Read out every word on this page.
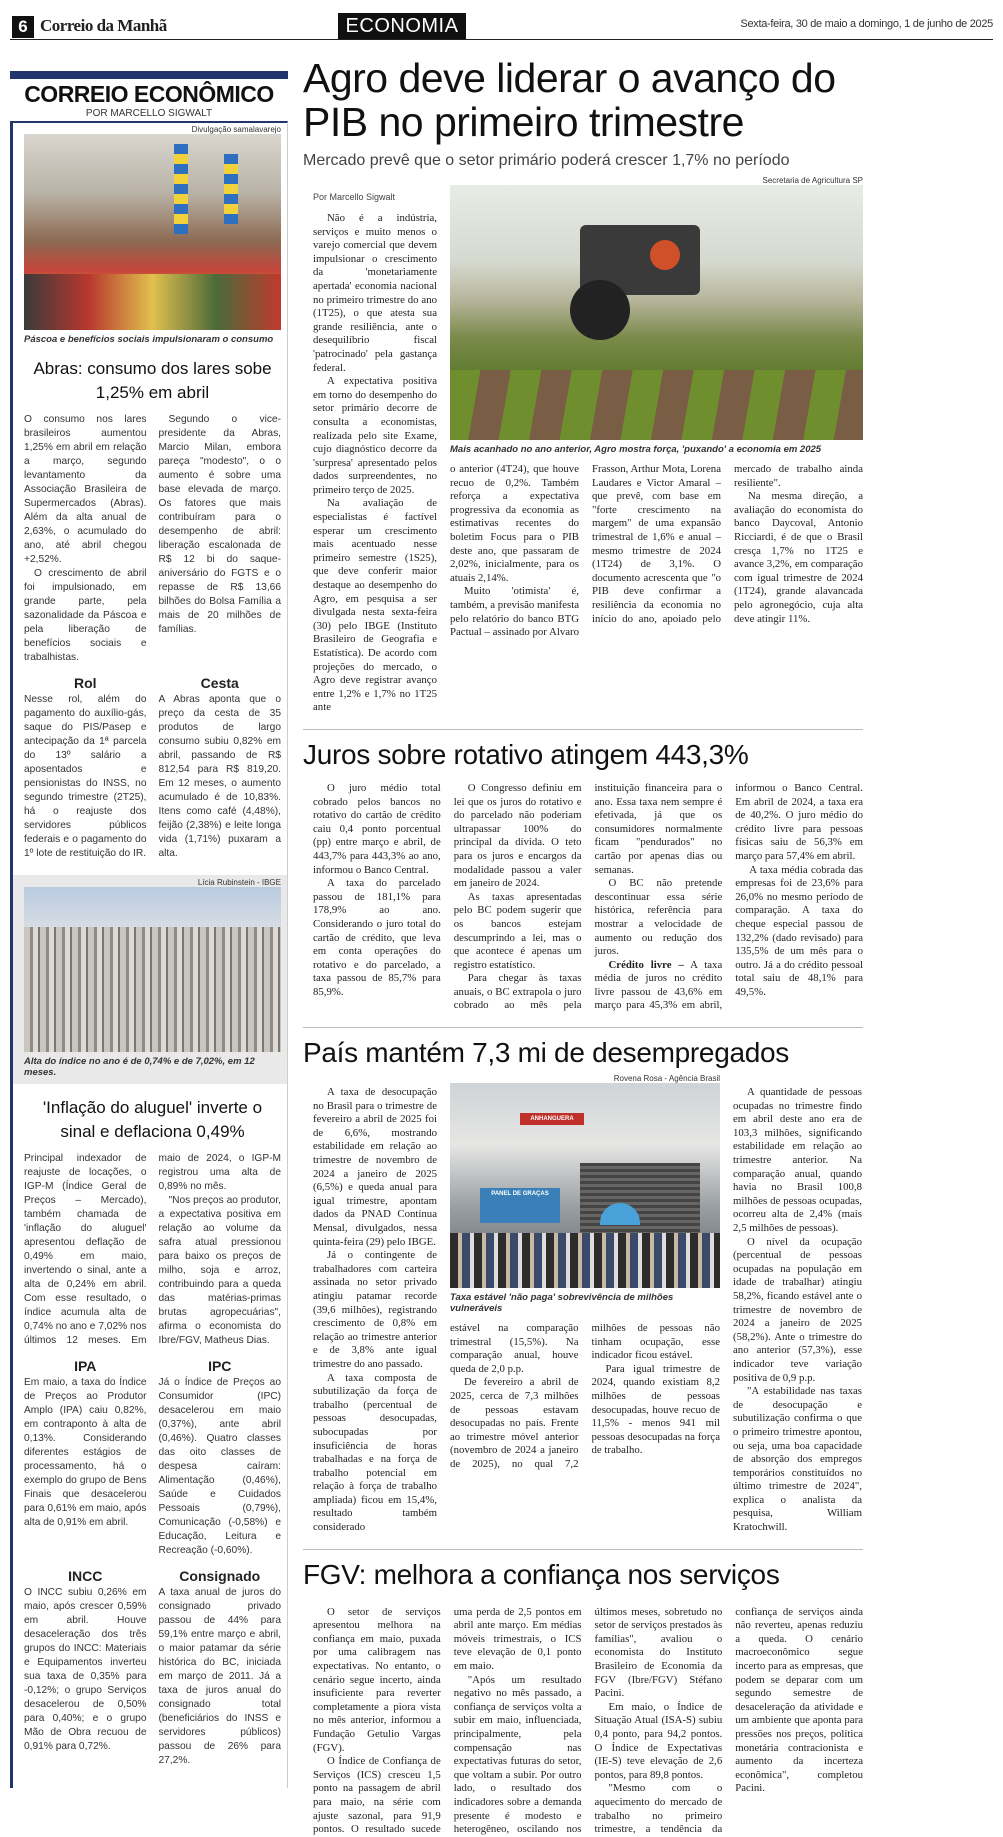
6 Correio da Manhã	ECONOMIA	Sexta-feira, 30 de maio a domingo, 1 de junho de 2025
CORREIO ECONÔMICO
POR MARCELLO SIGWALT
Divulgação samalavarejo
Páscoa e benefícios sociais impulsionaram o consumo
Abras: consumo dos lares sobe 1,25% em abril

O consumo nos lares brasileiros aumentou 1,25% em abril em relação a março, segundo levantamento da Associação Brasileira de Supermercados (Abras). Além da alta anual de 2,63%, o acumulado do ano, até abril chegou +2,52%.

O crescimento de abril foi impulsionado, em grande parte, pela sazonalidade da Páscoa e pela liberação de benefícios sociais e trabalhistas.

Segundo o vice-presidente da Abras, Marcio Milan, embora pareça "modesto", o o aumento é sobre uma base elevada de março. Os fatores que mais contribuíram para o desempenho de abril: liberação escalonada de R$ 12 bi do saque-aniversário do FGTS e o repasse de R$ 13,66 bilhões do Bolsa Família a mais de 20 milhões de famílias.

Rol

Nesse rol, além do pagamento do auxílio-gás, saque do PIS/Pasep e antecipação da 1ª parcela do 13º salário a aposentados e pensionistas do INSS, no segundo trimestre (2T25), há o reajuste dos servidores públicos federais e o pagamento do 1º lote de restituição do IR.

Cesta

A Abras aponta que o preço da cesta de 35 produtos de largo consumo subiu 0,82% em abril, passando de R$ 812,54 para R$ 819,20. Em 12 meses, o aumento acumulado é de 10,83%. Itens como café (4,48%), feijão (2,38%) e leite longa vida (1,71%) puxaram a alta.

Lícia Rubinstein - IBGE
Alta do índice no ano é de 0,74% e de 7,02%, em 12 meses.
'Inflação do aluguel' inverte o sinal e deflaciona 0,49%

Principal indexador de reajuste de locações, o IGP-M (Índice Geral de Preços – Mercado), também chamada de 'inflação do aluguel' apresentou deflação de 0,49% em maio, invertendo o sinal, ante a alta de 0,24% em abril. Com esse resultado, o índice acumula alta de 0,74% no ano e 7,02% nos últimos 12 meses. Em maio de 2024, o IGP-M registrou uma alta de 0,89% no mês.

"Nos preços ao produtor, a expectativa positiva em relação ao volume da safra atual pressionou para baixo os preços de milho, soja e arroz, contribuindo para a queda das matérias-primas brutas agropecuárias", afirma o economista do Ibre/FGV, Matheus Dias.

IPA

Em maio, a taxa do Índice de Preços ao Produtor Amplo (IPA) caiu 0,82%, em contraponto à alta de 0,13%. Considerando diferentes estágios de processamento, há o exemplo do grupo de Bens Finais que desacelerou para 0,61% em maio, após alta de 0,91% em abril.

IPC

Já o Índice de Preços ao Consumidor (IPC) desacelerou em maio (0,37%), ante abril (0,46%). Quatro classes das oito classes de despesa caíram: Alimentação (0,46%), Saúde e Cuidados Pessoais (0,79%), Comunicação (-0,58%) e Educação, Leitura e Recreação (-0,60%).

INCC

O INCC subiu 0,26% em maio, após crescer 0,59% em abril. Houve desaceleração dos três grupos do INCC: Materiais e Equipamentos inverteu sua taxa de 0,35% para -0,12%; o grupo Serviços desacelerou de 0,50% para 0,40%; e o grupo Mão de Obra recuou de 0,91% para 0,72%.

Consignado

A taxa anual de juros do consignado privado passou de 44% para 59,1% entre março e abril, o maior patamar da série histórica do BC, iniciada em março de 2011. Já a taxa de juros anual do consignado total (beneficiários do INSS e servidores públicos) passou de 26% para 27,2%.

Agro deve liderar o avanço do PIB no primeiro trimestre
Mercado prevê que o setor primário poderá crescer 1,7% no período
Por Marcello Sigwalt

Não é a indústria, serviços e muito menos o varejo comercial que devem impulsionar o crescimento da 'monetariamente apertada' economia nacional no primeiro trimestre do ano (1T25), o que atesta sua grande resiliência, ante o desequilíbrio fiscal 'patrocinado' pela gastança federal.

A expectativa positiva em torno do desempenho do setor primário decorre de consulta a economistas, realizada pelo site Exame, cujo diagnóstico decorre da 'surpresa' apresentado pelos dados surpreendentes, no primeiro terço de 2025.

Na avaliação de especialistas é factível esperar um crescimento mais acentuado nesse primeiro semestre (1S25), que deve conferir maior destaque ao desempenho do Agro, em pesquisa a ser divulgada nesta sexta-feira (30) pelo IBGE (Instituto Brasileiro de Geografia e Estatística). De acordo com projeções do mercado, o Agro deve registrar avanço entre 1,2% e 1,7% no 1T25 ante

Secretaria de Agricultura SP
Mais acanhado no ano anterior, Agro mostra força, 'puxando' a economia em 2025

o anterior (4T24), que houve recuo de 0,2%. Também reforça a expectativa progressiva da economia as estimativas recentes do boletim Focus para o PIB deste ano, que passaram de 2,02%, inicialmente, para os atuais 2,14%.

Muito 'otimista' é, também, a previsão manifesta pelo relatório do banco BTG Pactual – assinado por Alvaro Frasson, Arthur Mota, Lorena Laudares e Victor Amaral – que prevê, com base em "forte crescimento na margem" de uma expansão trimestral de 1,6% e anual – mesmo trimestre de 2024 (1T24) de 3,1%. O documento acrescenta que "o PIB deve confirmar a resiliência da economia no início do ano, apoiado pelo mercado de trabalho ainda resiliente".

Na mesma direção, a avaliação do economista do banco Daycoval, Antonio Ricciardi, é de que o Brasil cresça 1,7% no 1T25 e avance 3,2%, em comparação com igual trimestre de 2024 (1T24), grande alavancada pelo agronegócio, cuja alta deve atingir 11%.

Juros sobre rotativo atingem 443,3%

O juro médio total cobrado pelos bancos no rotativo do cartão de crédito caiu 0,4 ponto porcentual (pp) entre março e abril, de 443,7% para 443,3% ao ano, informou o Banco Central.

A taxa do parcelado passou de 181,1% para 178,9% ao ano. Considerando o juro total do cartão de crédito, que leva em conta operações do rotativo e do parcelado, a taxa passou de 85,7% para 85,9%.

O Congresso definiu em lei que os juros do rotativo e do parcelado não poderiam ultrapassar 100% do principal da dívida. O teto para os juros e encargos da modalidade passou a valer em janeiro de 2024.

As taxas apresentadas pelo BC podem sugerir que os bancos estejam descumprindo a lei, mas o que acontece é apenas um registro estatístico.

Para chegar às taxas anuais, o BC extrapola o juro cobrado ao mês pela instituição financeira para o ano. Essa taxa nem sempre é efetivada, já que os consumidores normalmente ficam "pendurados" no cartão por apenas dias ou semanas.

O BC não pretende descontinuar essa série histórica, referência para mostrar a velocidade de aumento ou redução dos juros.

Crédito livre – A taxa média de juros no crédito livre passou de 43,6% em março para 45,3% em abril, informou o Banco Central. Em abril de 2024, a taxa era de 40,2%. O juro médio do crédito livre para pessoas físicas saiu de 56,3% em março para 57,4% em abril.

A taxa média cobrada das empresas foi de 23,6% para 26,0% no mesmo período de comparação. A taxa do cheque especial passou de 132,2% (dado revisado) para 135,5% de um mês para o outro. Já a do crédito pessoal total saiu de 48,1% para 49,5%.

País mantém 7,3 mi de desempregados

A taxa de desocupação no Brasil para o trimestre de fevereiro a abril de 2025 foi de 6,6%, mostrando estabilidade em relação ao trimestre de novembro de 2024 a janeiro de 2025 (6,5%) e queda anual para igual trimestre, apontam dados da PNAD Contínua Mensal, divulgados, nessa quinta-feira (29) pelo IBGE.

Já o contingente de trabalhadores com carteira assinada no setor privado atingiu patamar recorde (39,6 milhões), registrando crescimento de 0,8% em relação ao trimestre anterior e de 3,8% ante igual trimestre do ano passado.

A taxa composta de subutilização da força de trabalho (percentual de pessoas desocupadas, subocupadas por insuficiência de horas trabalhadas e na força de trabalho potencial em relação à força de trabalho ampliada) ficou em 15,4%, resultado também considerado

Rovena Rosa - Agência Brasil
ANHANGUERA
PANEL DE GRAÇAS
Taxa estável 'não paga' sobrevivência de milhões vulneráveis

estável na comparação trimestral (15,5%). Na comparação anual, houve queda de 2,0 p.p.

De fevereiro a abril de 2025, cerca de 7,3 milhões de pessoas estavam desocupadas no país. Frente ao trimestre móvel anterior (novembro de 2024 a janeiro de 2025), no qual 7,2 milhões de pessoas não tinham ocupação, esse indicador ficou estável.

Para igual trimestre de 2024, quando existiam 8,2 milhões de pessoas desocupadas, houve recuo de 11,5% - menos 941 mil pessoas desocupadas na força de trabalho.

A quantidade de pessoas ocupadas no trimestre findo em abril deste ano era de 103,3 milhões, significando estabilidade em relação ao trimestre anterior. Na comparação anual, quando havia no Brasil 100,8 milhões de pessoas ocupadas, ocorreu alta de 2,4% (mais 2,5 milhões de pessoas).

O nível da ocupação (percentual de pessoas ocupadas na população em idade de trabalhar) atingiu 58,2%, ficando estável ante o trimestre de novembro de 2024 a janeiro de 2025 (58,2%). Ante o trimestre do ano anterior (57,3%), esse indicador teve variação positiva de 0,9 p.p.

"A estabilidade nas taxas de desocupação e subutilização confirma o que o primeiro trimestre apontou, ou seja, uma boa capacidade de absorção dos empregos temporários constituídos no último trimestre de 2024", explica o analista da pesquisa, William Kratochwill.

FGV: melhora a confiança nos serviços

O setor de serviços apresentou melhora na confiança em maio, puxada por uma calibragem nas expectativas. No entanto, o cenário segue incerto, ainda insuficiente para reverter completamente a piora vista no mês anterior, informou a Fundação Getulio Vargas (FGV).

O Índice de Confiança de Serviços (ICS) cresceu 1,5 ponto na passagem de abril para maio, na série com ajuste sazonal, para 91,9 pontos. O resultado sucede uma perda de 2,5 pontos em abril ante março. Em médias móveis trimestrais, o ICS teve elevação de 0,1 ponto em maio.

"Após um resultado negativo no mês passado, a confiança de serviços volta a subir em maio, influenciada, principalmente, pela compensação nas expectativas futuras do setor, que voltam a subir. Por outro lado, o resultado dos indicadores sobre a demanda presente é modesto e heterogêneo, oscilando nos últimos meses, sobretudo no setor de serviços prestados às famílias", avaliou o economista do Instituto Brasileiro de Economia da FGV (Ibre/FGV) Stéfano Pacini.

Em maio, o Índice de Situação Atual (ISA-S) subiu 0,4 ponto, para 94,2 pontos. O Índice de Expectativas (IE-S) teve elevação de 2,6 pontos, para 89,8 pontos.

"Mesmo com o aquecimento do mercado de trabalho no primeiro trimestre, a tendência da confiança de serviços ainda não reverteu, apenas reduziu a queda. O cenário macroeconômico segue incerto para as empresas, que podem se deparar com um segundo semestre de desaceleração da atividade e um ambiente que aponta para pressões nos preços, política monetária contracionista e aumento da incerteza econômica", completou Pacini.
